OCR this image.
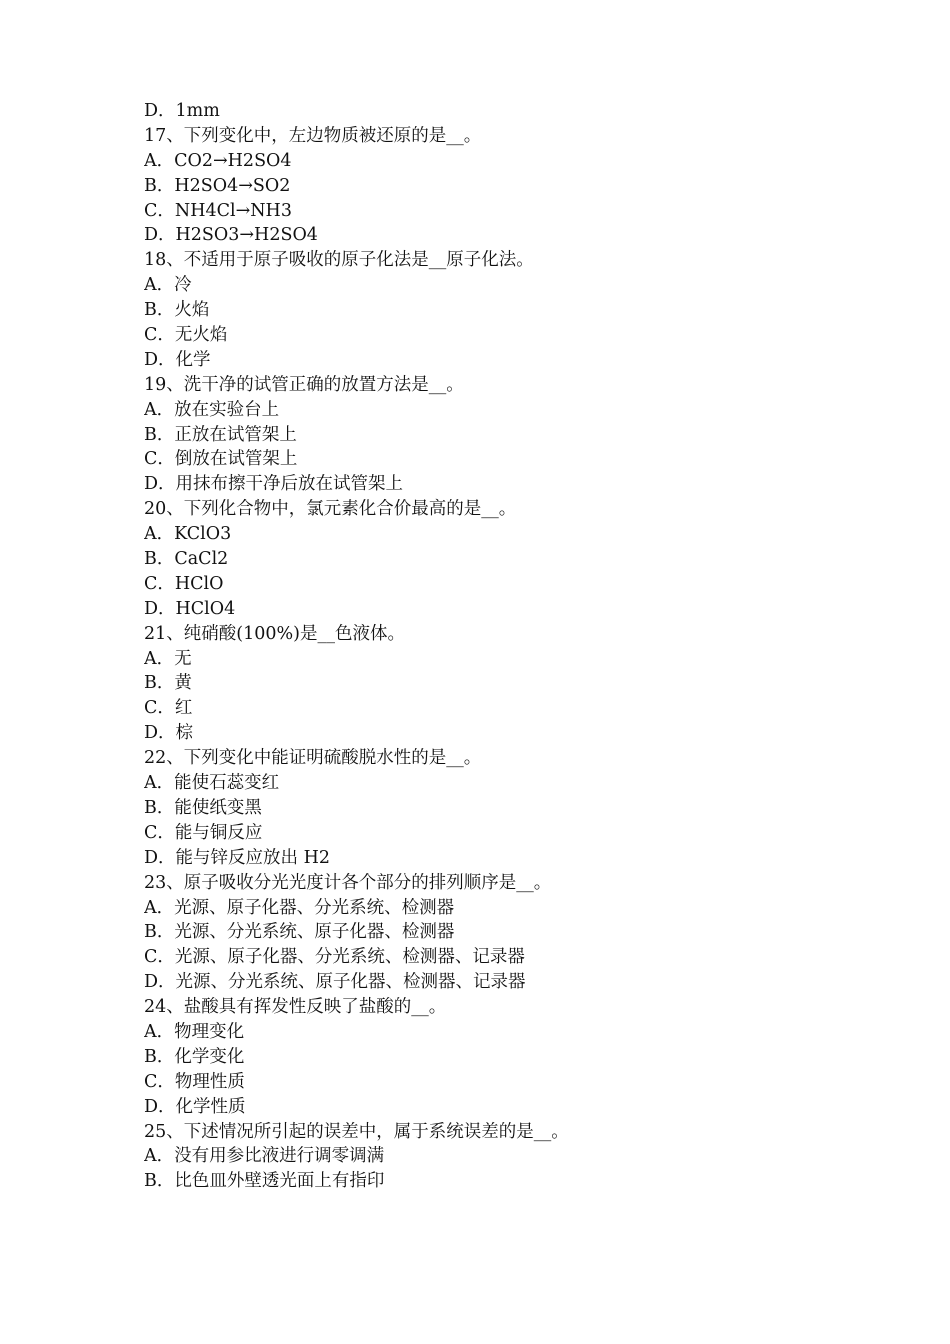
D．1mm
17、下列变化中，左边物质被还原的是__。
A．CO2→H2SO4
B．H2SO4→SO2
C．NH4Cl→NH3
D．H2SO3→H2SO4
18、不适用于原子吸收的原子化法是__原子化法。
A．冷
B．火焰
C．无火焰
D．化学
19、洗干净的试管正确的放置方法是__。
A．放在实验台上
B．正放在试管架上
C．倒放在试管架上
D．用抹布擦干净后放在试管架上
20、下列化合物中，氯元素化合价最高的是__。
A．KClO3
B．CaCl2
C．HClO
D．HClO4
21、纯硝酸(100%)是__色液体。
A．无
B．黄
C．红
D．棕
22、下列变化中能证明硫酸脱水性的是__。
A．能使石蕊变红
B．能使纸变黑
C．能与铜反应
D．能与锌反应放出 H2
23、原子吸收分光光度计各个部分的排列顺序是__。
A．光源、原子化器、分光系统、检测器
B．光源、分光系统、原子化器、检测器
C．光源、原子化器、分光系统、检测器、记录器
D．光源、分光系统、原子化器、检测器、记录器
24、盐酸具有挥发性反映了盐酸的__。
A．物理变化
B．化学变化
C．物理性质
D．化学性质
25、下述情况所引起的误差中，属于系统误差的是__。
A．没有用参比液进行调零调满
B．比色皿外壁透光面上有指印
